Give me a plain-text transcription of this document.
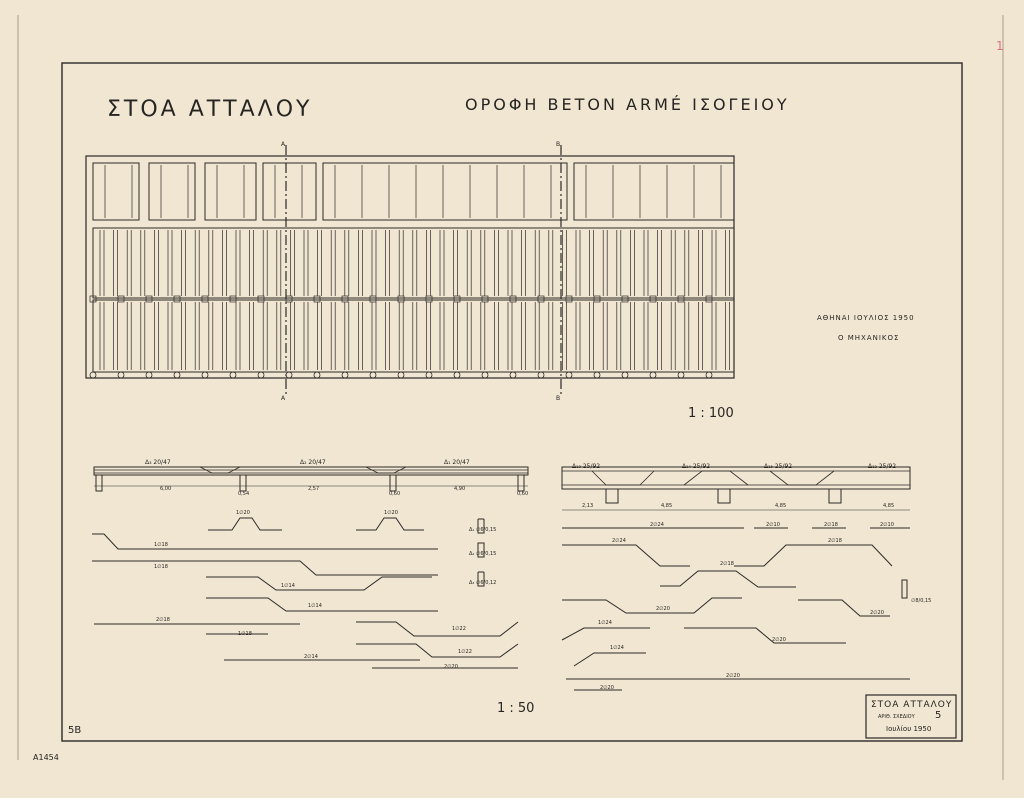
ΣΤΟΑ ΑΤΤΑΛΟΥ	ΟΡΟΦΗ ΒΕΤΟΝ ΑRMÉ ΙΣΟΓΕΙΟΥ
Α
Α
Β
Β
ΑΘΗΝΑΙ ΙΟΥΛΙΟΣ 1950
Ο ΜΗΧΑΝΙΚΟΣ
1 : 100
Δ₃ 20/47	Δ₂ 20/47	Δ₁ 20/47
6,00
0,54
2,57
0,60
4,90
0,60
Δ₁₃ 25/92	Δ₁₄ 25/92	Δ₁₅ 25/92	Δ₁₂ 25/92
2,13	4,85	4,85	4,85
Δ₁ ∅6/0,15
Δ₂ ∅6/0,15
Δ₃ ∅6/0,12
∅8/0,15
1∅20	1∅20
1∅18
1∅18
1∅14
1∅14
2∅18
1∅18
1∅22
1∅22
2∅14
2∅20
2∅24	2∅10	2∅18	2∅10
2∅24	2∅18
2∅18
2∅20
2∅20
1∅24
2∅20
1∅24
2∅20
2∅20
1 : 50	ΣΤΟΑ ΑΤΤΑΛΟΥ
ΑΡΙΘ. ΣΧΕΔΙΟΥ 5
Ιουλίου 1950
5B
Α1454
1
